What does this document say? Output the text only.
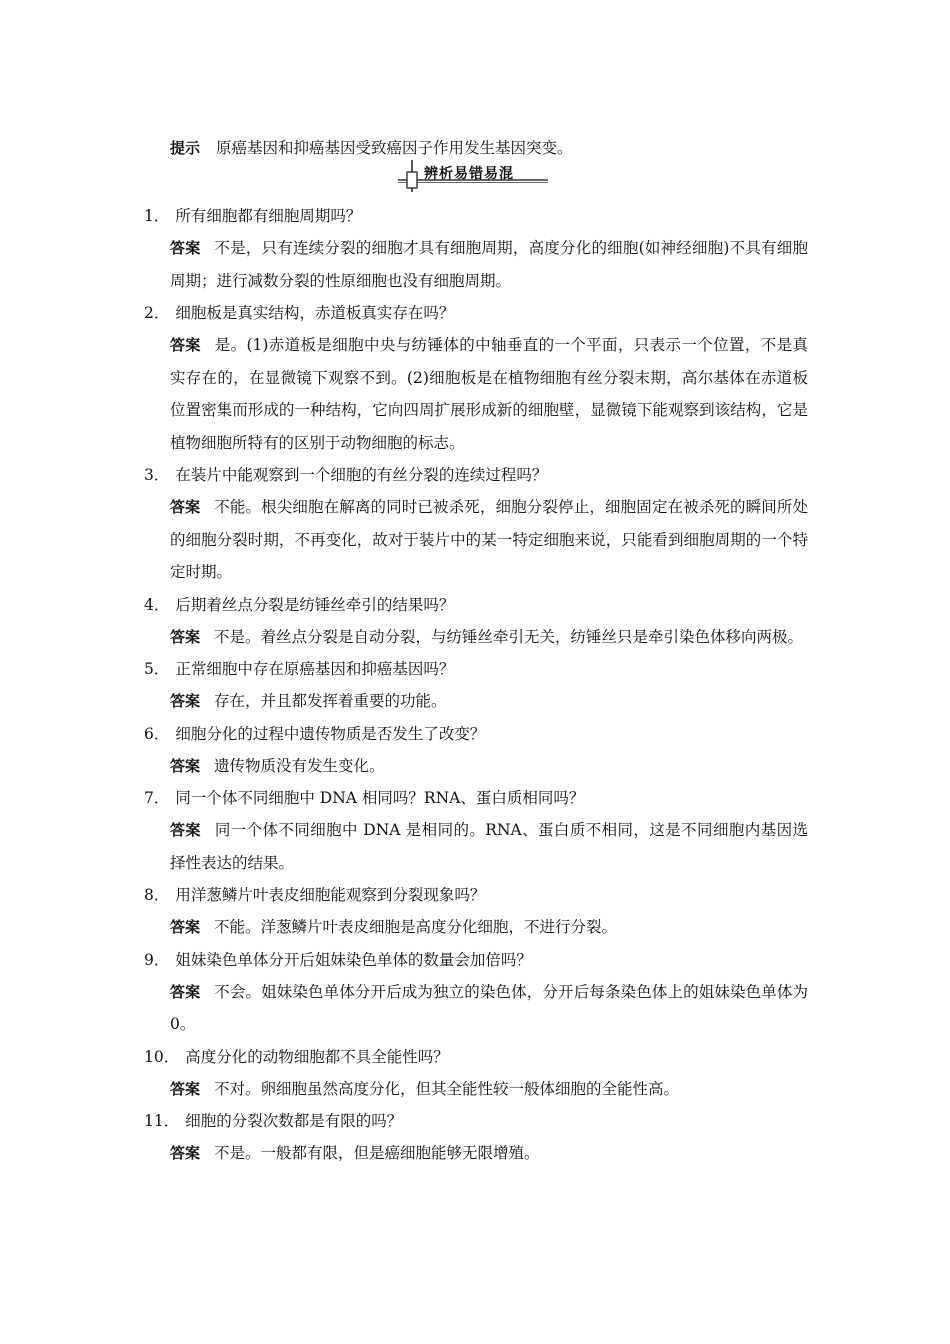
提示 原癌基因和抑癌基因受致癌因子作用发生基因突变。
辨析易错易混
1． 所有细胞都有细胞周期吗？
答案 不是，只有连续分裂的细胞才具有细胞周期，高度分化的细胞(如神经细胞)不具有细胞周期；进行减数分裂的性原细胞也没有细胞周期。
2． 细胞板是真实结构，赤道板真实存在吗？
答案 是。(1)赤道板是细胞中央与纺锤体的中轴垂直的一个平面，只表示一个位置，不是真实存在的，在显微镜下观察不到。(2)细胞板是在植物细胞有丝分裂末期，高尔基体在赤道板位置密集而形成的一种结构，它向四周扩展形成新的细胞壁，显微镜下能观察到该结构，它是植物细胞所特有的区别于动物细胞的标志。
3． 在装片中能观察到一个细胞的有丝分裂的连续过程吗？
答案 不能。根尖细胞在解离的同时已被杀死，细胞分裂停止，细胞固定在被杀死的瞬间所处的细胞分裂时期，不再变化，故对于装片中的某一特定细胞来说，只能看到细胞周期的一个特定时期。
4． 后期着丝点分裂是纺锤丝牵引的结果吗？
答案 不是。着丝点分裂是自动分裂，与纺锤丝牵引无关，纺锤丝只是牵引染色体移向两极。
5． 正常细胞中存在原癌基因和抑癌基因吗？
答案 存在，并且都发挥着重要的功能。
6． 细胞分化的过程中遗传物质是否发生了改变？
答案 遗传物质没有发生变化。
7． 同一个体不同细胞中 DNA 相同吗？RNA、蛋白质相同吗？
答案 同一个体不同细胞中 DNA 是相同的。RNA、蛋白质不相同，这是不同细胞内基因选择性表达的结果。
8． 用洋葱鳞片叶表皮细胞能观察到分裂现象吗？
答案 不能。洋葱鳞片叶表皮细胞是高度分化细胞，不进行分裂。
9． 姐妹染色单体分开后姐妹染色单体的数量会加倍吗？
答案 不会。姐妹染色单体分开后成为独立的染色体，分开后每条染色体上的姐妹染色单体为 0。
10． 高度分化的动物细胞都不具全能性吗？
答案 不对。卵细胞虽然高度分化，但其全能性较一般体细胞的全能性高。
11． 细胞的分裂次数都是有限的吗？
答案 不是。一般都有限，但是癌细胞能够无限增殖。
